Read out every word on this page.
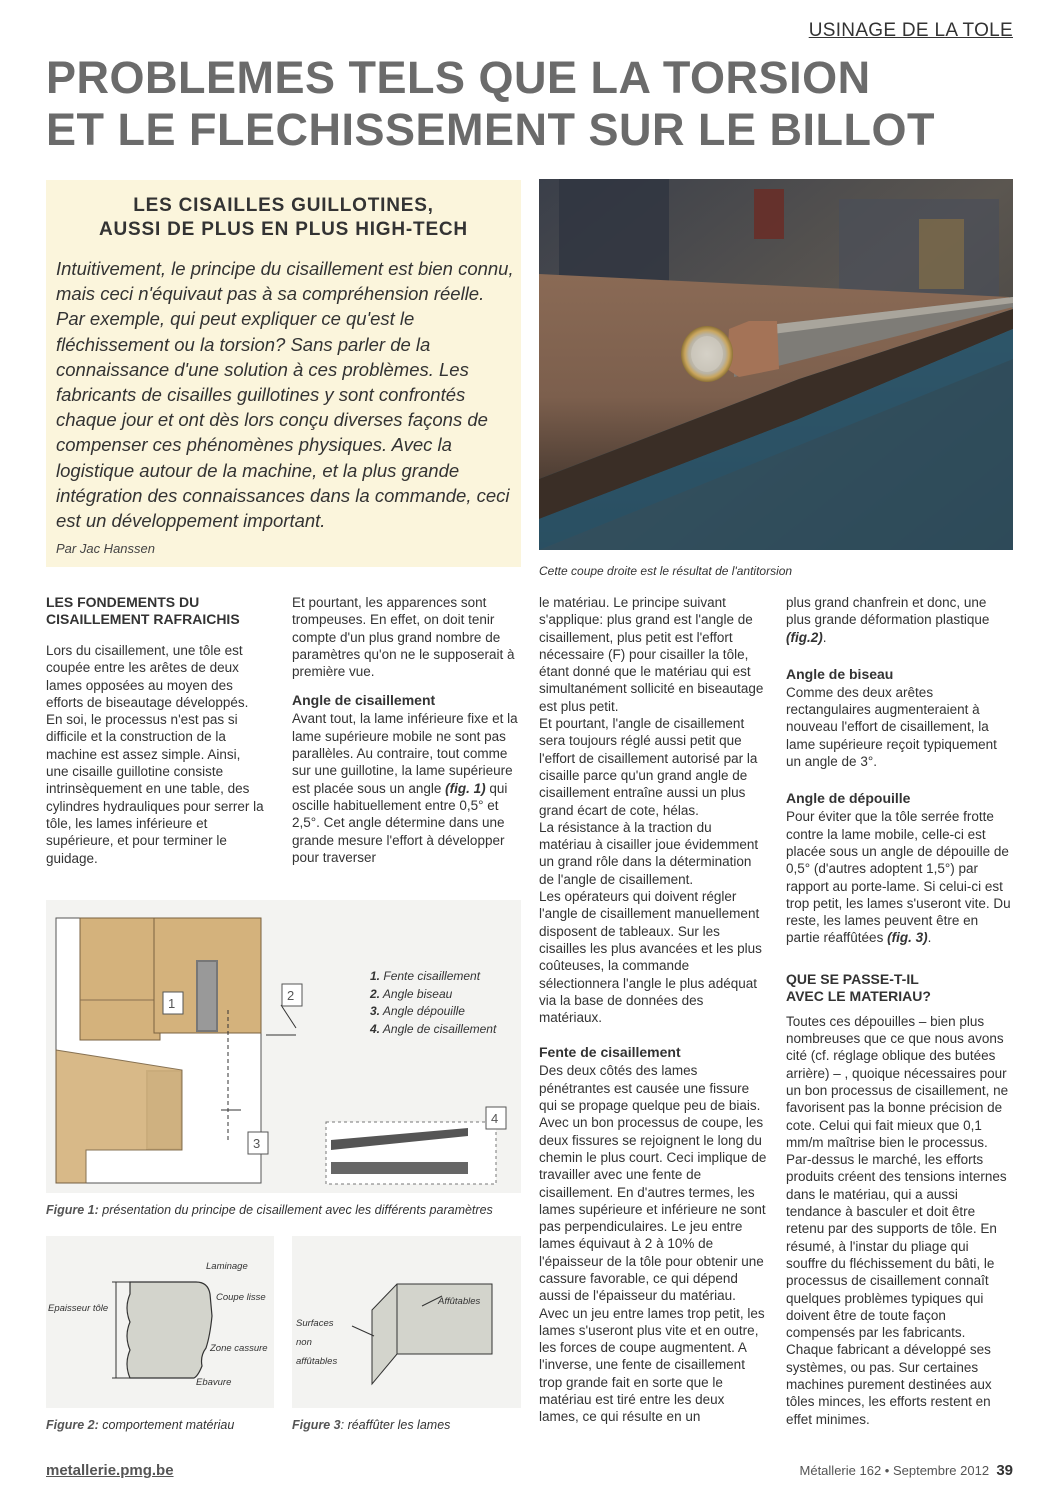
USINAGE DE LA TOLE
PROBLEMES TELS QUE LA TORSION
ET LE FLECHISSEMENT SUR LE BILLOT
LES CISAILLES GUILLOTINES,
AUSSI DE PLUS EN PLUS HIGH-TECH
Intuitivement, le principe du cisaillement est bien connu, mais ceci n'équivaut pas à sa compréhension réelle. Par exemple, qui peut expliquer ce qu'est le fléchissement ou la torsion? Sans parler de la connaissance d'une solution à ces problèmes. Les fabricants de cisailles guillotines y sont confrontés chaque jour et ont dès lors conçu diverses façons de compenser ces phénomènes physiques. Avec la logistique autour de la machine, et la plus grande intégration des connaissances dans la commande, ceci est un développement important.
Par Jac Hanssen
Cette coupe droite est le résultat de l'antitorsion
LES FONDEMENTS DU
CISAILLEMENT RAFRAICHIS

Lors du cisaillement, une tôle est coupée entre les arêtes de deux lames opposées au moyen des efforts de biseautage développés. En soi, le processus n'est pas si difficile et la construction de la machine est assez simple. Ainsi, une cisaille guillotine consiste intrinsèquement en une table, des cylindres hydrauliques pour serrer la tôle, les lames inférieure et supérieure, et pour terminer le guidage.

Et pourtant, les apparences sont trompeuses. En effet, on doit tenir compte d'un plus grand nombre de paramètres qu'on ne le supposerait à première vue.

Angle de cisaillement

Avant tout, la lame inférieure fixe et la lame supérieure mobile ne sont pas parallèles. Au contraire, tout comme sur une guillotine, la lame supérieure est placée sous un angle (fig. 1) qui oscille habituellement entre 0,5° et 2,5°. Cet angle détermine dans une grande mesure l'effort à développer pour traverser

le matériau. Le principe suivant s'applique: plus grand est l'angle de cisaillement, plus petit est l'effort nécessaire (F) pour cisailler la tôle, étant donné que le matériau qui est simultanément sollicité en biseautage est plus petit.

Et pourtant, l'angle de cisaillement sera toujours réglé aussi petit que l'effort de cisaillement autorisé par la cisaille parce qu'un grand angle de cisaillement entraîne aussi un plus grand écart de cote, hélas.

La résistance à la traction du matériau à cisailler joue évidemment un grand rôle dans la détermination de l'angle de cisaillement.

Les opérateurs qui doivent régler l'angle de cisaillement manuellement disposent de tableaux. Sur les cisailles les plus avancées et les plus coûteuses, la commande sélectionnera l'angle le plus adéquat via la base de données des matériaux.

Fente de cisaillement

Des deux côtés des lames pénétrantes est causée une fissure qui se propage quelque peu de biais. Avec un bon processus de coupe, les deux fissures se rejoignent le long du chemin le plus court. Ceci implique de travailler avec une fente de cisaillement. En d'autres termes, les lames supérieure et inférieure ne sont pas perpendiculaires. Le jeu entre lames équivaut à 2 à 10% de l'épaisseur de la tôle pour obtenir une cassure favorable, ce qui dépend aussi de l'épaisseur du matériau. Avec un jeu entre lames trop petit, les lames s'useront plus vite et en outre, les forces de coupe augmentent. A l'inverse, une fente de cisaillement trop grande fait en sorte que le matériau est tiré entre les deux lames, ce qui résulte en un

plus grand chanfrein et donc, une plus grande déformation plastique (fig.2).

Angle de biseau

Comme des deux arêtes rectangulaires augmenteraient à nouveau l'effort de cisaillement, la lame supérieure reçoit typiquement un angle de 3°.

Angle de dépouille

Pour éviter que la tôle serrée frotte contre la lame mobile, celle-ci est placée sous un angle de dépouille de 0,5° (d'autres adoptent 1,5°) par rapport au porte-lame. Si celui-ci est trop petit, les lames s'useront vite. Du reste, les lames peuvent être en partie réaffûtées (fig. 3).

QUE SE PASSE-T-IL
AVEC LE MATERIAU?

Toutes ces dépouilles – bien plus nombreuses que ce que nous avons cité (cf. réglage oblique des butées arrière) – , quoique nécessaires pour un bon processus de cisaillement, ne favorisent pas la bonne précision de cote. Celui qui fait mieux que 0,1 mm/m maîtrise bien le processus. Par-dessus le marché, les efforts produits créent des tensions internes dans le matériau, qui a aussi tendance à basculer et doit être retenu par des supports de tôle. En résumé, à l'instar du pliage qui souffre du fléchissement du bâti, le processus de cisaillement connaît quelques problèmes typiques qui doivent être de toute façon compensés par les fabricants. Chaque fabricant a développé ses systèmes, ou pas. Sur certaines machines purement destinées aux tôles minces, les efforts restent en effet minimes.

1
2
3
4
1. Fente cisaillement
2. Angle biseau
3. Angle dépouille
4. Angle de cisaillement
Figure 1: présentation du principe de cisaillement avec les différents paramètres
Laminage
Epaisseur tôle
Coupe lisse
Zone cassure
Ebavure
Figure 2: comportement matériau
Affûtables
Surfaces
non
affûtables
Figure 3: réaffûter les lames
metallerie.pmg.be	Métallerie 162 • Septembre 2012 39
